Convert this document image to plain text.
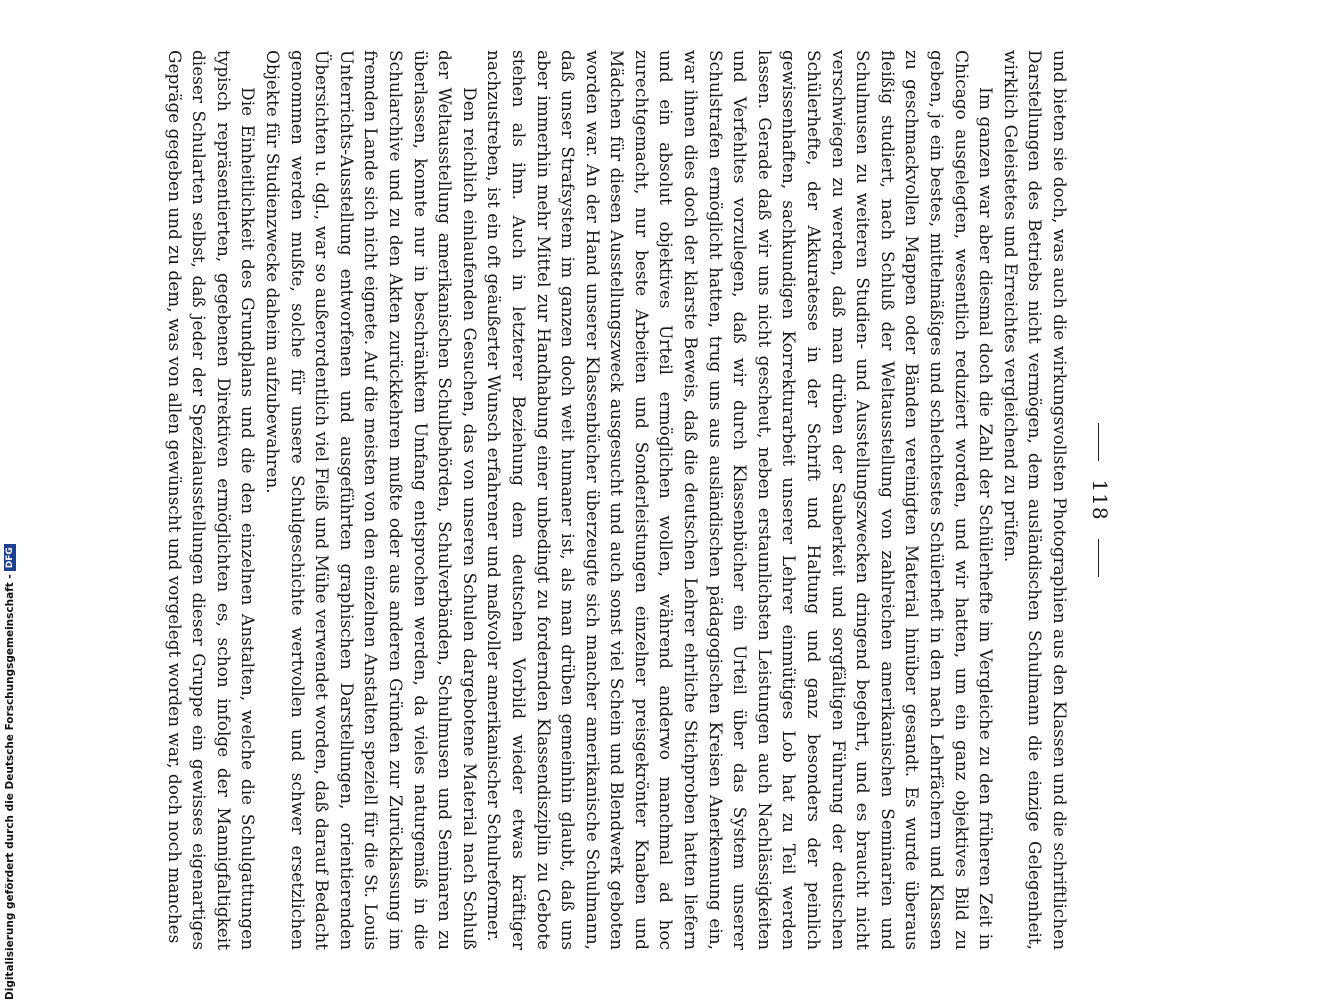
118

und bieten sie doch, was auch die wirkungsvollsten Photographien aus den Klassen und die schriftlichen Darstellungen des Betriebs nicht vermögen, dem ausländischen Schulmann die einzige Gelegenheit, wirklich Geleistetes und Erreichtes vergleichend zu prüfen.

Im ganzen war aber diesmal doch die Zahl der Schülerhefte im Vergleiche zu den früheren Zeit in Chicago ausgelegten, wesentlich reduziert worden, und wir hatten, um ein ganz objektives Bild zu geben, je ein bestes, mittelmäßiges und schlechtestes Schülerheft in den nach Lehrfächern und Klassen zu geschmackvollen Mappen oder Bänden vereinigten Material hinüber gesandt. Es wurde überaus fleißig studiert, nach Schluß der Weltausstellung von zahlreichen amerikanischen Seminarien und Schulmusen zu weiteren Studien- und Ausstellungszwecken dringend begehrt, und es braucht nicht verschwiegen zu werden, daß man drüben der Sauberkeit und sorgfältigen Führung der deutschen Schülerhefte, der Akkuratesse in der Schrift und Haltung und ganz besonders der peinlich gewissenhaften, sachkundigen Korrekturarbeit unserer Lehrer einmütiges Lob hat zu Teil werden lassen. Gerade daß wir uns nicht gescheut, neben erstaunlichsten Leistungen auch Nachlässigkeiten und Verfehltes vorzulegen, daß wir durch Klassenbücher ein Urteil über das System unserer Schulstrafen ermöglicht hatten, trug uns aus ausländischen pädagogischen Kreisen Anerkennung ein, war ihnen dies doch der klarste Beweis, daß die deutschen Lehrer ehrliche Stichproben hatten liefern und ein absolut objektives Urteil ermöglichen wollen, während anderwo manchmal ad hoc zurechtgemacht, nur beste Arbeiten und Sonderleistungen einzelner preisgekrönter Knaben und Mädchen für diesen Ausstellungszweck ausgesucht und auch sonst viel Schein und Blendwerk geboten worden war. An der Hand unserer Klassenbücher überzeugte sich mancher amerikanische Schulmann, daß unser Strafsystem im ganzen doch weit humaner ist, als man drüben gemeinhin glaubt, daß uns aber immerhin mehr Mittel zur Handhabung einer unbedingt zu fordernden Klassendisziplin zu Gebote stehen als ihm. Auch in letzterer Beziehung dem deutschen Vorbild wieder etwas kräftiger nachzustreben, ist ein oft geäußerter Wunsch erfahrener und maßvoller amerikanischer Schulreformer.

Den reichlich einlaufenden Gesuchen, das von unseren Schulen dargebotene Material nach Schluß der Weltausstellung amerikanischen Schulbehörden, Schulverbänden, Schulmusen und Seminaren zu überlassen, konnte nur in beschränktem Umfang entsprochen werden, da vieles naturgemäß in die Schularchive und zu den Akten zurückkehren mußte oder aus anderen Gründen zur Zurücklassung im fremden Lande sich nicht eignete. Auf die meisten von den einzelnen Anstalten speziell für die St. Louis Unterrichts-Ausstellung entworfenen und ausgeführten graphischen Darstellungen, orientierenden Übersichten u. dgl., war so außerordentlich viel Fleiß und Mühe verwendet worden, daß darauf Bedacht genommen werden mußte, solche für unsere Schulgeschichte wertvollen und schwer ersetzlichen Objekte für Studienzwecke daheim aufzubewahren.

Die Einheitlichkeit des Grundplans und die den einzelnen Anstalten, welche die Schulgattungen typisch repräsentierten, gegebenen Direktiven ermöglichten es, schon infolge der Mannigfaltigkeit dieser Schularten selbst, daß jeder der Spezialausstellungen dieser Gruppe ein gewisses eigenartiges Gepräge gegeben und zu dem, was von allen gewünscht und vorgelegt worden war, doch noch manches

Digitalisierung gefördert durch die Deutsche Forschungsgemeinschaft -DFG
